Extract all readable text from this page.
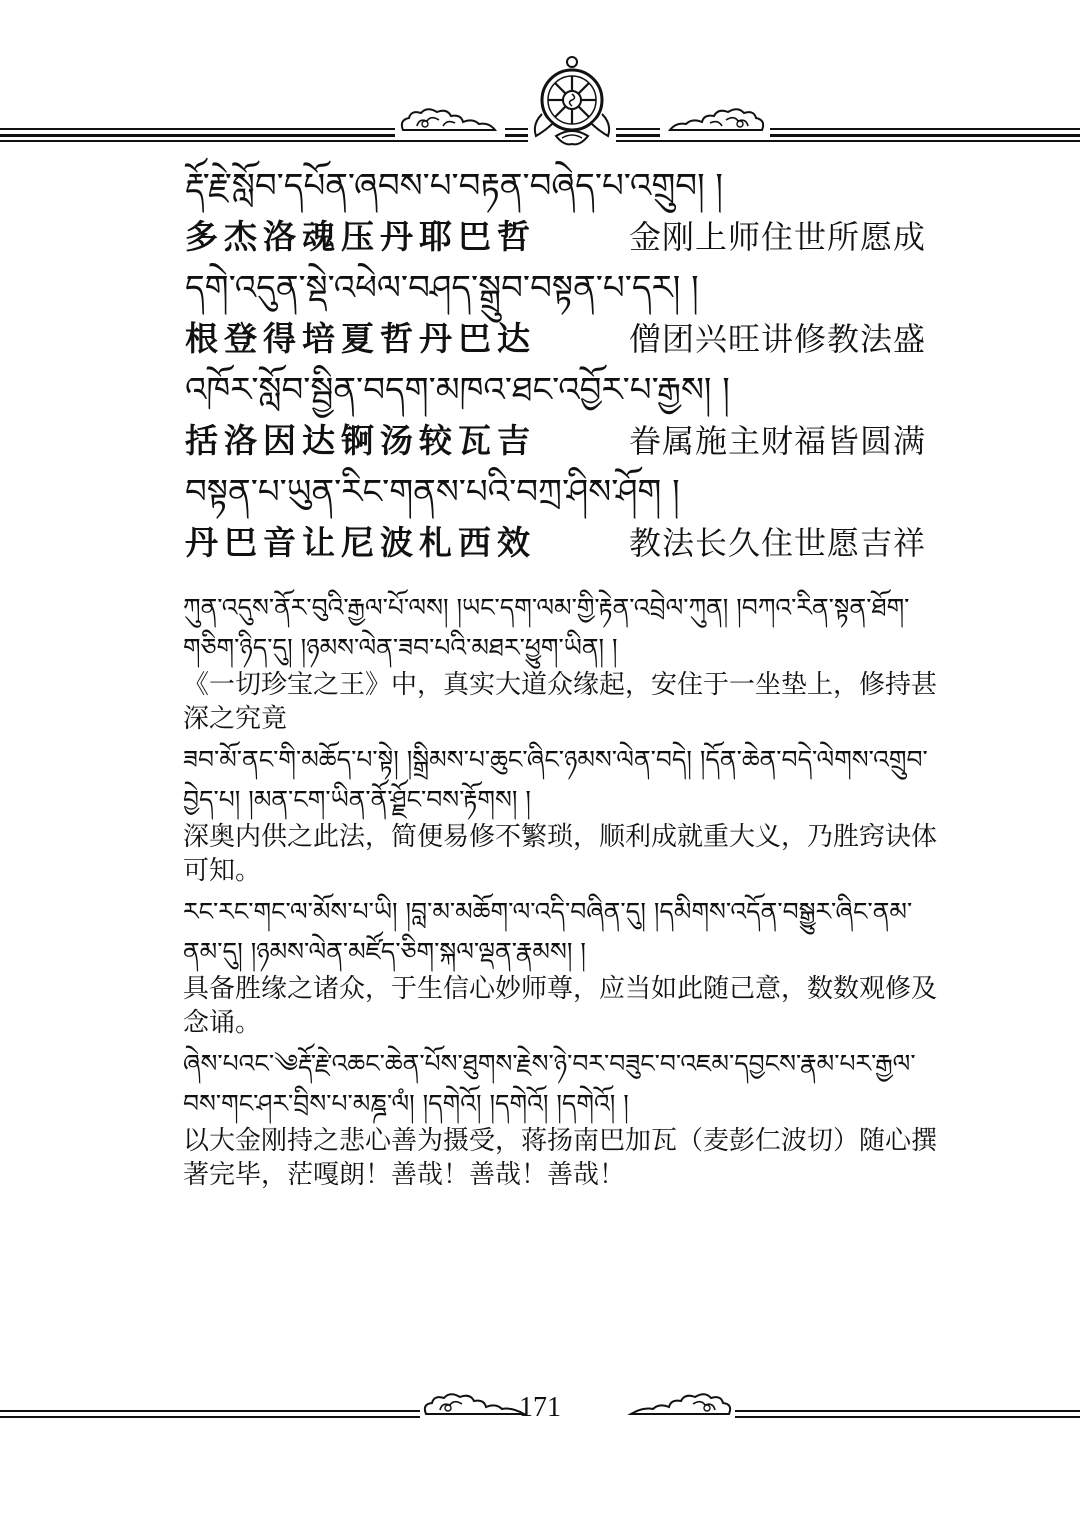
རྡོ་རྗེ་སློབ་དཔོན་ཞབས་པ་བརྟན་བཞེད་པ་འགྲུབ། །
多杰洛魂压丹耶巴哲	金刚上师住世所愿成
དགེ་འདུན་སྡེ་འཕེལ་བཤད་སྒྲུབ་བསྟན་པ་དར། །
根登得培夏哲丹巴达	僧团兴旺讲修教法盛
འཁོར་སློབ་སྦྱིན་བདག་མཁའ་ཐང་འབྱོར་པ་རྒྱས། །
括洛因达锕汤较瓦吉	眷属施主财福皆圆满
བསྟན་པ་ཡུན་རིང་གནས་པའི་བཀྲ་ཤིས་ཤོག །
丹巴音让尼波札西效	教法长久住世愿吉祥
ཀུན་འདུས་ནོར་བུའི་རྒྱལ་པོ་ལས། །ཡང་དག་ལམ་གྱི་རྟེན་འབྲེལ་ཀུན། །བཀའ་རིན་སྟན་ཐོག་
གཅིག་ཉིད་དུ། །ཉམས་ལེན་ཟབ་པའི་མཐར་ཕྱུག་ཡིན། །
《一切珍宝之王》中，真实大道众缘起，安住于一坐垫上，修持甚深之究竟
ཟབ་མོ་ནང་གི་མཆོད་པ་སྟེ། །སྒྲིམས་པ་ཆུང་ཞིང་ཉམས་ལེན་བདེ། །དོན་ཆེན་བདེ་ལེགས་འགྲུབ་
བྱེད་པ། །མན་ངག་ཡིན་ནོ་ཤྗོང་བས་རྟོགས། །
深奥内供之此法，简便易修不繁琐，顺利成就重大义，乃胜窍诀体可知。
རང་རང་གང་ལ་མོས་པ་ཡི། །བླ་མ་མཆོག་ལ་འདི་བཞིན་དུ། །དམིགས་འདོན་བསྒྱུར་ཞིང་ནམ་
ནམ་དུ། །ཉམས་ལེན་མཛོད་ཅིག་སྐལ་ལྡན་རྣམས། །
具备胜缘之诸众，于生信心妙师尊，应当如此随己意，数数观修及念诵。
ཞེས་པའང་༄རྡོ་རྗེ་འཆང་ཆེན་པོས་ཐུགས་རྗེས་ཉེ་བར་བཟུང་བ་འཇམ་དབྱངས་རྣམ་པར་རྒྱལ་
བས་གང་ཤར་བྲིས་པ་མཎྜ་ལཾ། །དགེའོ། །དགེའོ། །དགེའོ། །
以大金刚持之悲心善为摄受，蒋扬南巴加瓦（麦彭仁波切）随心撰著完毕，茫嘎朗！善哉！善哉！善哉！
171
